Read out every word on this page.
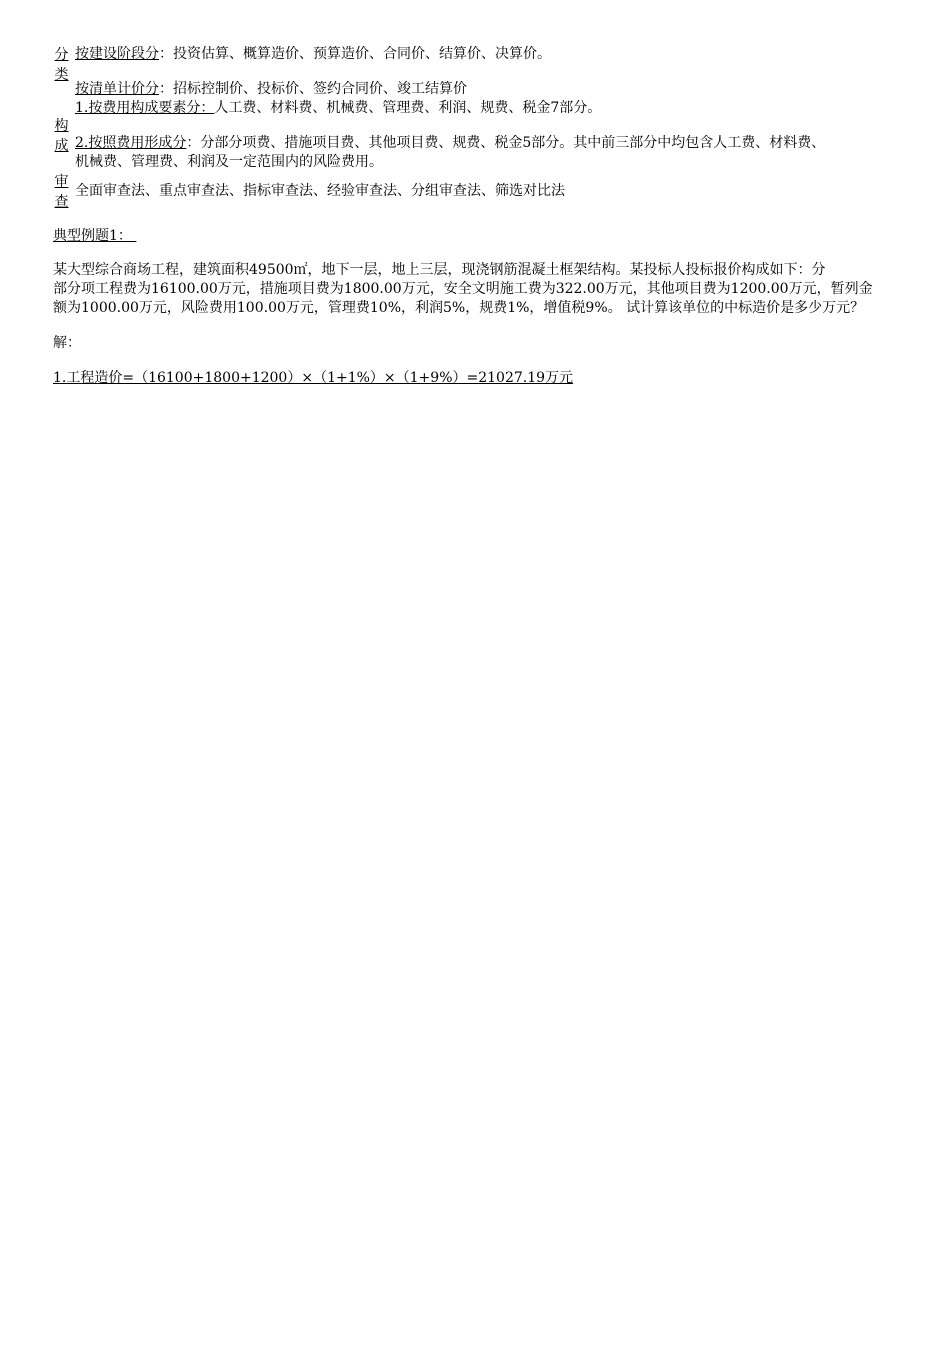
分
类
按建设阶段分：投资估算、概算造价、预算造价、合同价、结算价、决算价。
按清单计价分：招标控制价、投标价、签约合同价、竣工结算价
1.按费用构成要素分：人工费、材料费、机械费、管理费、利润、规费、税金7部分。
构
成 2.按照费用形成分：分部分项费、措施项目费、其他项目费、规费、税金5部分。其中前三部分中均包含人工费、材料费、
机械费、管理费、利润及一定范围内的风险费用。
审
查
全面审查法、重点审查法、指标审查法、经验审查法、分组审查法、筛选对比法
典型例题1：
某大型综合商场工程，建筑面积49500㎡，地下一层，地上三层，现浇钢筋混凝土框架结构。某投标人投标报价构成如下：分
部分项工程费为16100.00万元，措施项目费为1800.00万元，安全文明施工费为322.00万元，其他项目费为1200.00万元，暂列金
额为1000.00万元，风险费用100.00万元，管理费10%，利润5%，规费1%，增值税9%。 试计算该单位的中标造价是多少万元？
解：
1.工程造价=（16100+1800+1200）×（1+1%）×（1+9%）=21027.19万元
